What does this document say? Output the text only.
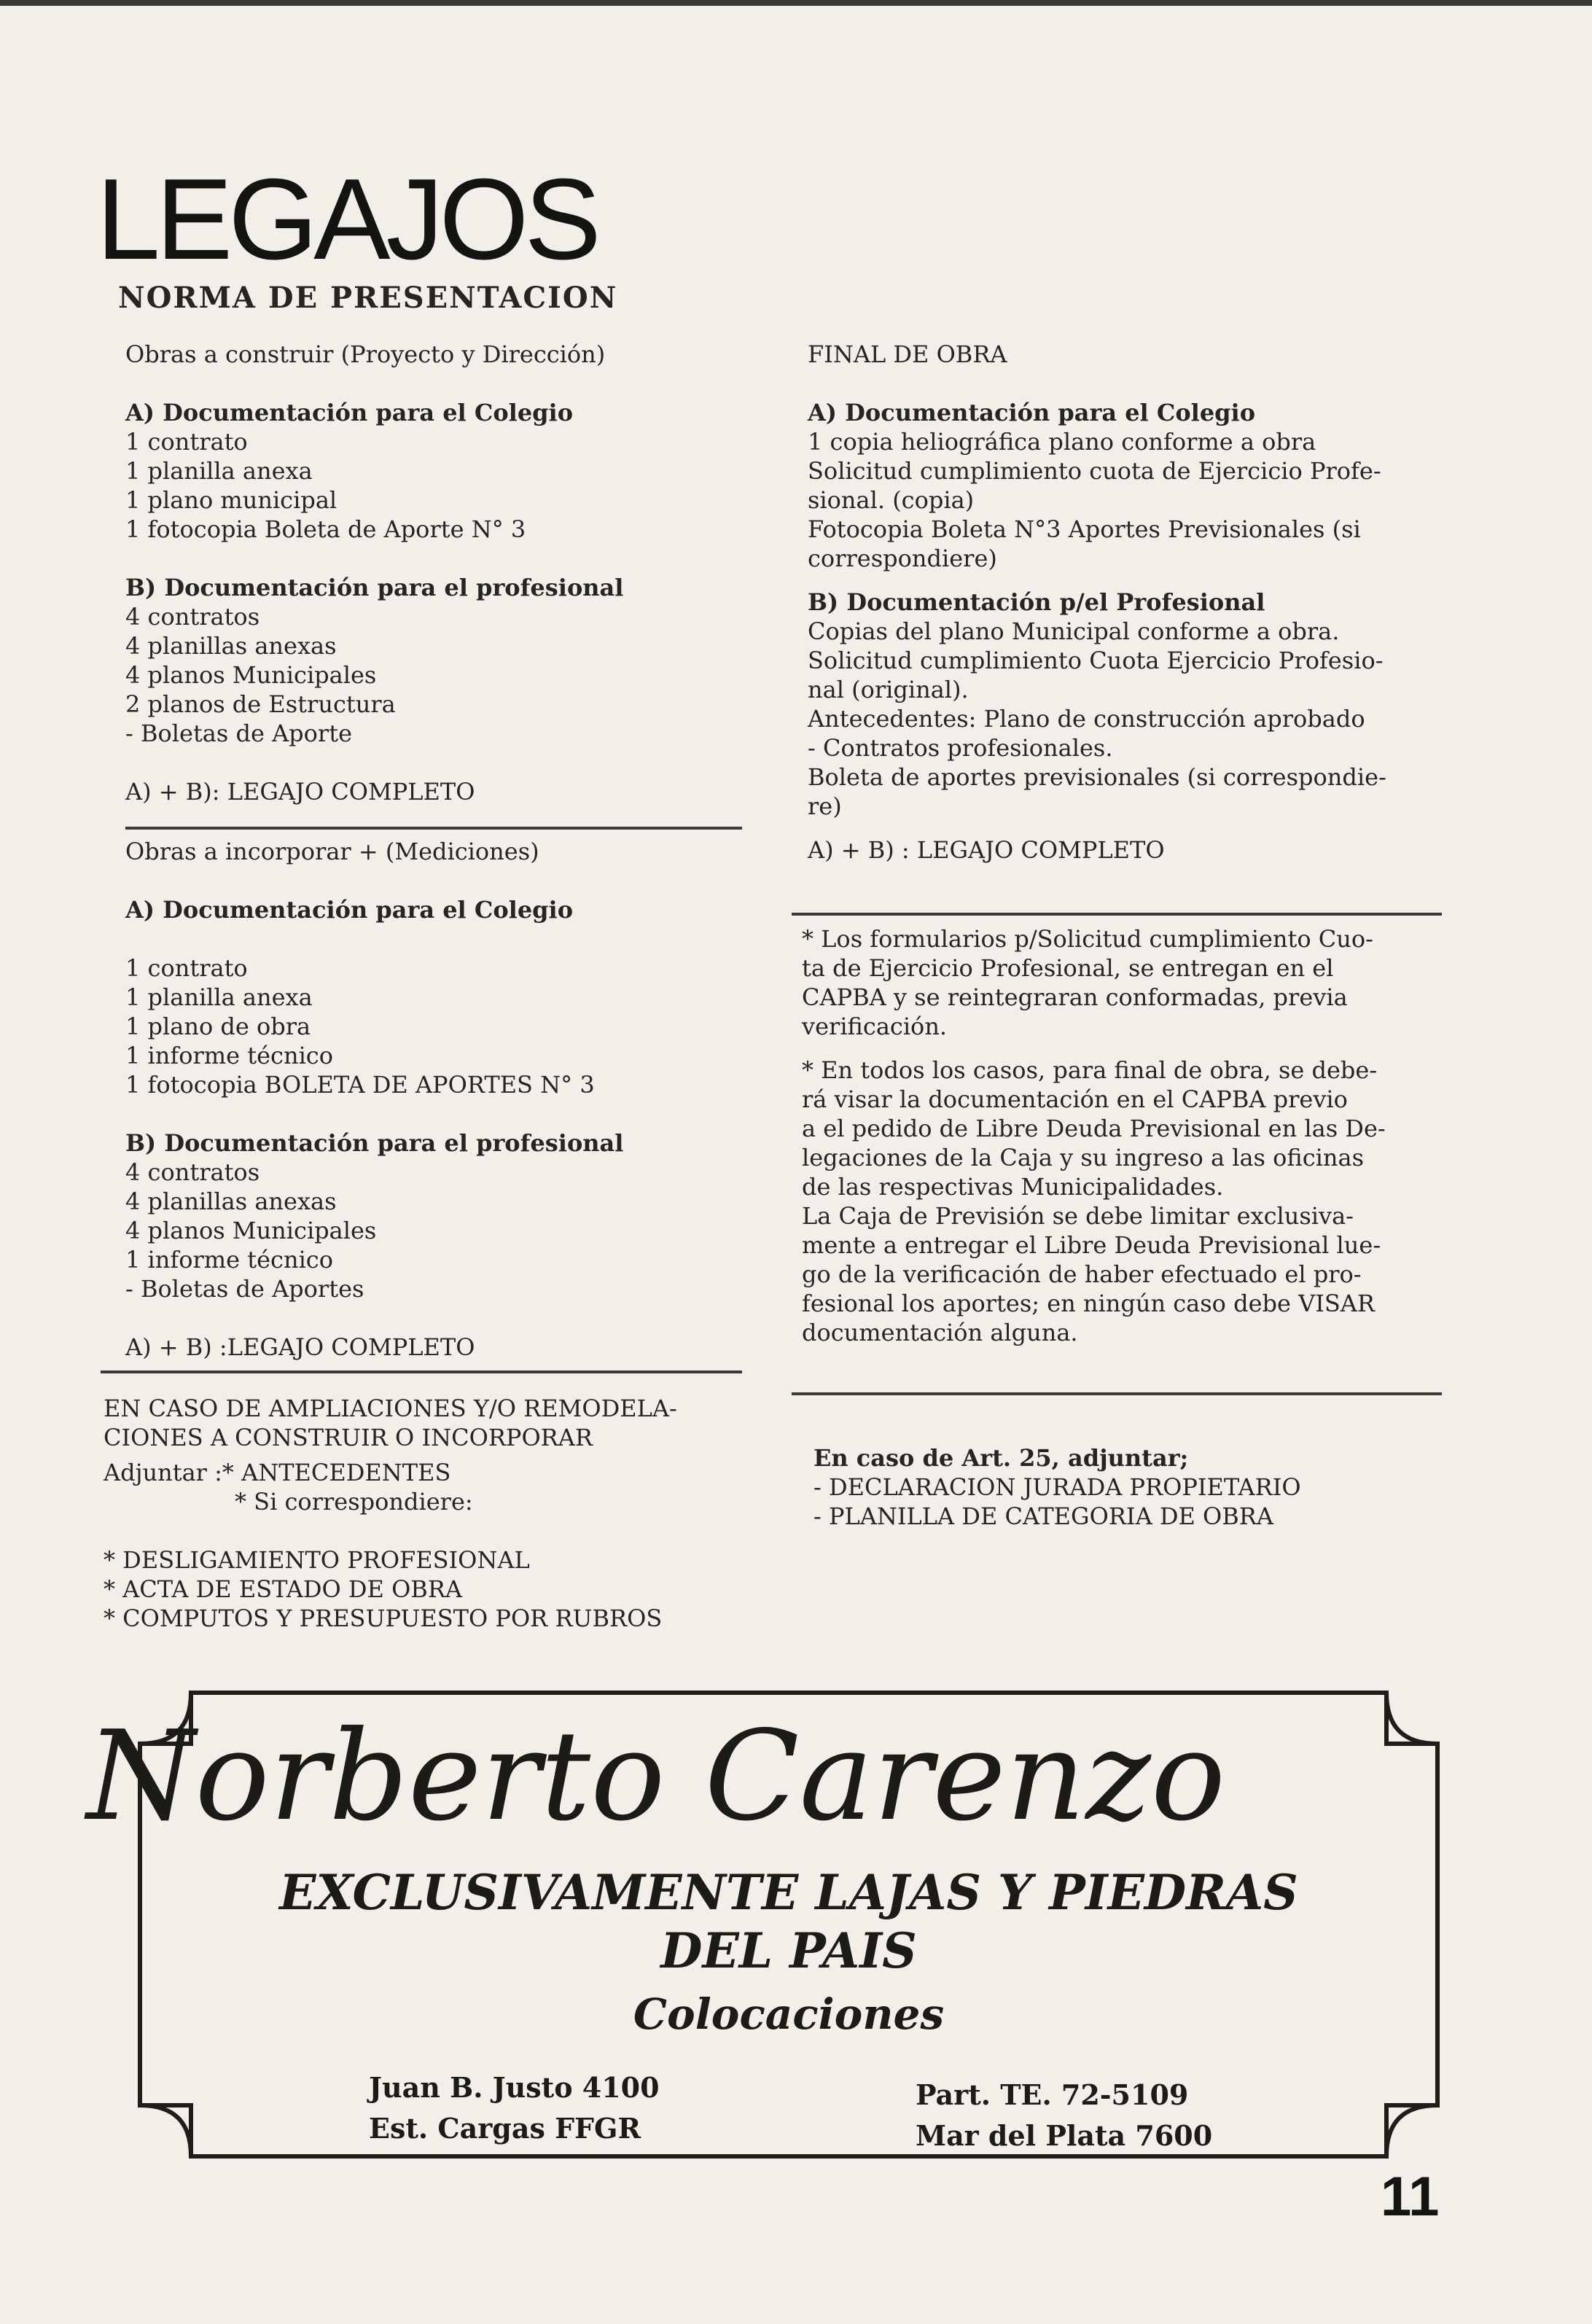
LEGAJOS
NORMA DE PRESENTACION

Obras a construir (Proyecto y Dirección)

A) Documentación para el Colegio

1 contrato

1 planilla anexa

1 plano municipal

1 fotocopia Boleta de Aporte N° 3

B) Documentación para el profesional

4 contratos

4 planillas anexas

4 planos Municipales

2 planos de Estructura

- Boletas de Aporte

A) + B): LEGAJO COMPLETO

Obras a incorporar + (Mediciones)

A) Documentación para el Colegio

1 contrato

1 planilla anexa

1 plano de obra

1 informe técnico

1 fotocopia BOLETA DE APORTES N° 3

B) Documentación para el profesional

4 contratos

4 planillas anexas

4 planos Municipales

1 informe técnico

- Boletas de Aportes

A) + B) :LEGAJO COMPLETO

EN CASO DE AMPLIACIONES Y/O REMODELA-

CIONES A CONSTRUIR O INCORPORAR

Adjuntar :* ANTECEDENTES

* Si correspondiere:

* DESLIGAMIENTO PROFESIONAL

* ACTA DE ESTADO DE OBRA

* COMPUTOS Y PRESUPUESTO POR RUBROS

FINAL DE OBRA

A) Documentación para el Colegio

1 copia heliográfica plano conforme a obra

Solicitud cumplimiento cuota de Ejercicio Profe-

sional. (copia)

Fotocopia Boleta N°3 Aportes Previsionales (si

correspondiere)

B) Documentación p/el Profesional

Copias del plano Municipal conforme a obra.

Solicitud cumplimiento Cuota Ejercicio Profesio-

nal (original).

Antecedentes: Plano de construcción aprobado

- Contratos profesionales.

Boleta de aportes previsionales (si correspondie-

re)

A) + B) : LEGAJO COMPLETO

* Los formularios p/Solicitud cumplimiento Cuo-

ta de Ejercicio Profesional, se entregan en el

CAPBA y se reintegraran conformadas, previa

verificación.

* En todos los casos, para final de obra, se debe-

rá visar la documentación en el CAPBA previo

a el pedido de Libre Deuda Previsional en las De-

legaciones de la Caja y su ingreso a las oficinas

de las respectivas Municipalidades.

La Caja de Previsión se debe limitar exclusiva-

mente a entregar el Libre Deuda Previsional lue-

go de la verificación de haber efectuado el pro-

fesional los aportes; en ningún caso debe VISAR

documentación alguna.

En caso de Art. 25, adjuntar;

- DECLARACION JURADA PROPIETARIO

- PLANILLA DE CATEGORIA DE OBRA

Norberto Carenzo
EXCLUSIVAMENTE LAJAS Y PIEDRAS
DEL PAIS
Colocaciones
Juan B. Justo 4100
Est. Cargas FFGR
Part. TE. 72-5109
Mar del Plata 7600
11
